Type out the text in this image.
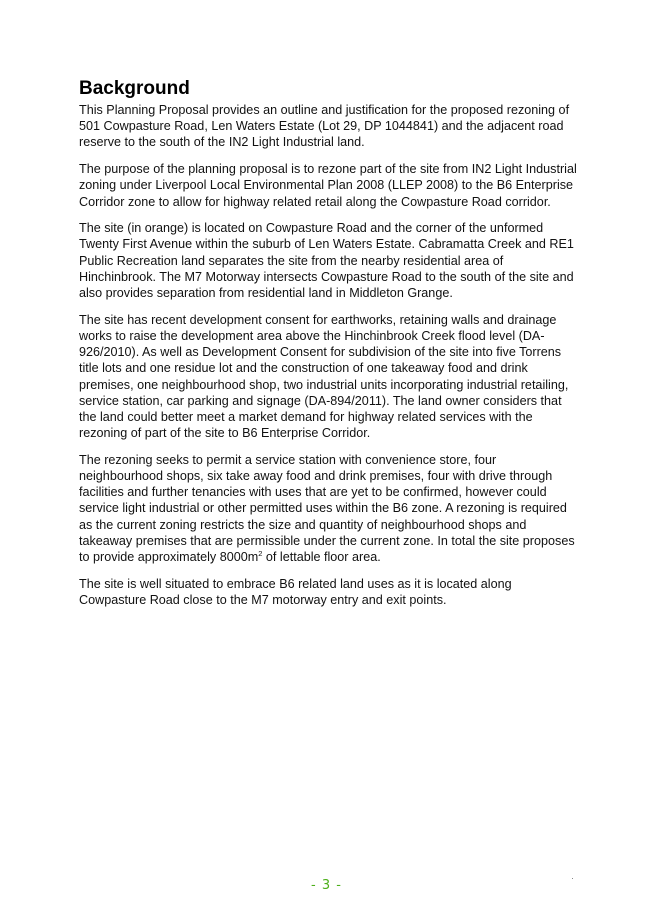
Background

This Planning Proposal provides an outline and justification for the proposed rezoning of 501 Cowpasture Road, Len Waters Estate (Lot 29, DP 1044841) and the adjacent road reserve to the south of the IN2 Light Industrial land.

The purpose of the planning proposal is to rezone part of the site from IN2 Light Industrial zoning under Liverpool Local Environmental Plan 2008 (LLEP 2008) to the B6 Enterprise Corridor zone to allow for highway related retail along the Cowpasture Road corridor.

The site (in orange) is located on Cowpasture Road and the corner of the unformed Twenty First Avenue within the suburb of Len Waters Estate. Cabramatta Creek and RE1 Public Recreation land separates the site from the nearby residential area of Hinchinbrook. The M7 Motorway intersects Cowpasture Road to the south of the site and also provides separation from residential land in Middleton Grange.

The site has recent development consent for earthworks, retaining walls and drainage works to raise the development area above the Hinchinbrook Creek flood level (DA-926/2010). As well as Development Consent for subdivision of the site into five Torrens title lots and one residue lot and the construction of one takeaway food and drink premises, one neighbourhood shop, two industrial units incorporating industrial retailing, service station, car parking and signage (DA-894/2011). The land owner considers that the land could better meet a market demand for highway related services with the rezoning of part of the site to B6 Enterprise Corridor.

The rezoning seeks to permit a service station with convenience store, four neighbourhood shops, six take away food and drink premises, four with drive through facilities and further tenancies with uses that are yet to be confirmed, however could service light industrial or other permitted uses within the B6 zone. A rezoning is required as the current zoning restricts the size and quantity of neighbourhood shops and takeaway premises that are permissible under the current zone. In total the site proposes to provide approximately $8000m^2$ of lettable floor area.

The site is well situated to embrace B6 related land uses as it is located along Cowpasture Road close to the M7 motorway entry and exit points.

- 3 -
